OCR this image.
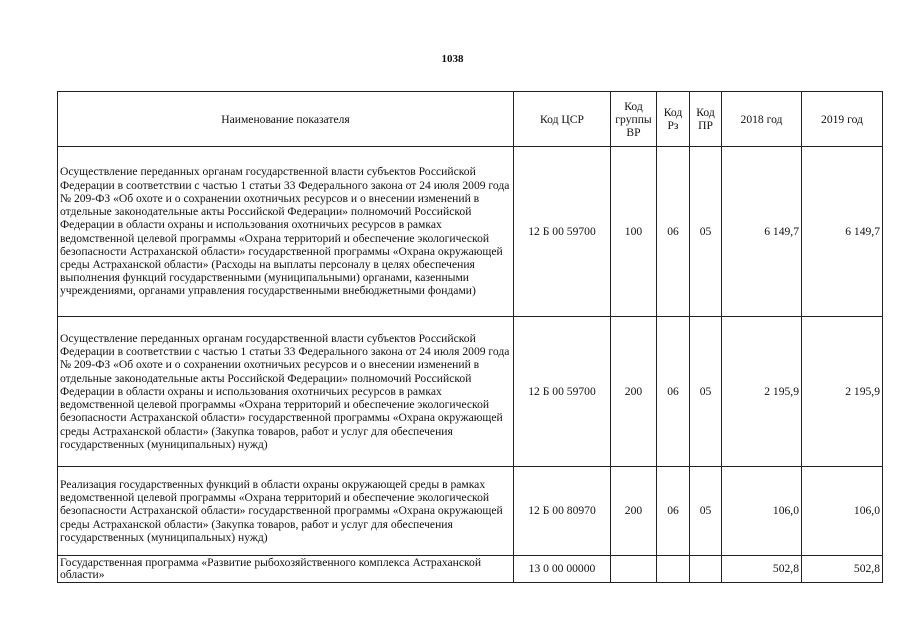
1038
Наименование показателя	Код ЦСР	Код группы ВР	Код Рз	Код ПР	2018 год	2019 год
Осуществление переданных органам государственной власти субъектов Российской Федерации в соответствии с частью 1 статьи 33 Федерального закона от 24 июля 2009 года № 209-ФЗ «Об охоте и о сохранении охотничьих ресурсов и о внесении изменений в отдельные законодательные акты Российской Федерации» полномочий Российской Федерации в области охраны и использования охотничьих ресурсов в рамках ведомственной целевой программы «Охрана территорий и обеспечение экологической безопасности Астраханской области» государственной программы «Охрана окружающей среды Астраханской области» (Расходы на выплаты персоналу в целях обеспечения выполнения функций государственными (муниципальными) органами, казенными учреждениями, органами управления государственными внебюджетными фондами)	12 Б 00 59700	100	06	05	6 149,7	6 149,7
Осуществление переданных органам государственной власти субъектов Российской Федерации в соответствии с частью 1 статьи 33 Федерального закона от 24 июля 2009 года № 209-ФЗ «Об охоте и о сохранении охотничьих ресурсов и о внесении изменений в отдельные законодательные акты Российской Федерации» полномочий Российской Федерации в области охраны и использования охотничьих ресурсов в рамках ведомственной целевой программы «Охрана территорий и обеспечение экологической безопасности Астраханской области» государственной программы «Охрана окружающей среды Астраханской области» (Закупка товаров, работ и услуг для обеспечения государственных (муниципальных) нужд)	12 Б 00 59700	200	06	05	2 195,9	2 195,9
Реализация государственных функций в области охраны окружающей среды в рамках ведомственной целевой программы «Охрана территорий и обеспечение экологической безопасности Астраханской области» государственной программы «Охрана окружающей среды Астраханской области» (Закупка товаров, работ и услуг для обеспечения государственных (муниципальных) нужд)	12 Б 00 80970	200	06	05	106,0	106,0
Государственная программа «Развитие рыбохозяйственного комплекса Астраханской области»	13 0 00 00000				502,8	502,8
